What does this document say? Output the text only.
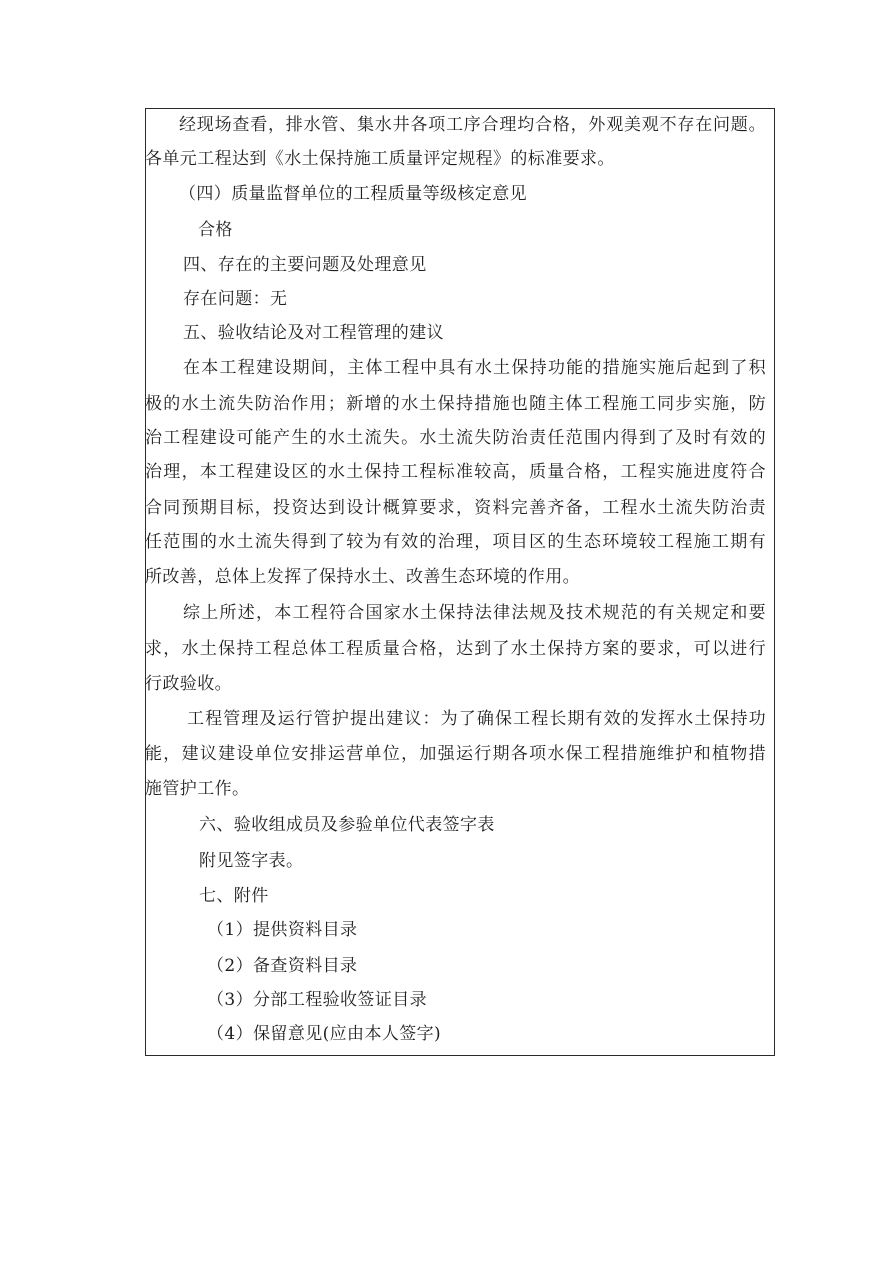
经现场查看，排水管、集水井各项工序合理均合格，外观美观不存在问题。
各单元工程达到《水土保持施工质量评定规程》的标准要求。
（四）质量监督单位的工程质量等级核定意见
合格
四、存在的主要问题及处理意见
存在问题：无
五、验收结论及对工程管理的建议
在本工程建设期间，主体工程中具有水土保持功能的措施实施后起到了积
极的水土流失防治作用；新增的水土保持措施也随主体工程施工同步实施，防
治工程建设可能产生的水土流失。水土流失防治责任范围内得到了及时有效的
治理，本工程建设区的水土保持工程标准较高，质量合格，工程实施进度符合
合同预期目标，投资达到设计概算要求，资料完善齐备，工程水土流失防治责
任范围的水土流失得到了较为有效的治理，项目区的生态环境较工程施工期有
所改善，总体上发挥了保持水土、改善生态环境的作用。
综上所述，本工程符合国家水土保持法律法规及技术规范的有关规定和要
求，水土保持工程总体工程质量合格，达到了水土保持方案的要求，可以进行
行政验收。
工程管理及运行管护提出建议：为了确保工程长期有效的发挥水土保持功
能，建议建设单位安排运营单位，加强运行期各项水保工程措施维护和植物措
施管护工作。
六、验收组成员及参验单位代表签字表
附见签字表。
七、附件
（1）提供资料目录
（2）备查资料目录
（3）分部工程验收签证目录
（4）保留意见(应由本人签字)
